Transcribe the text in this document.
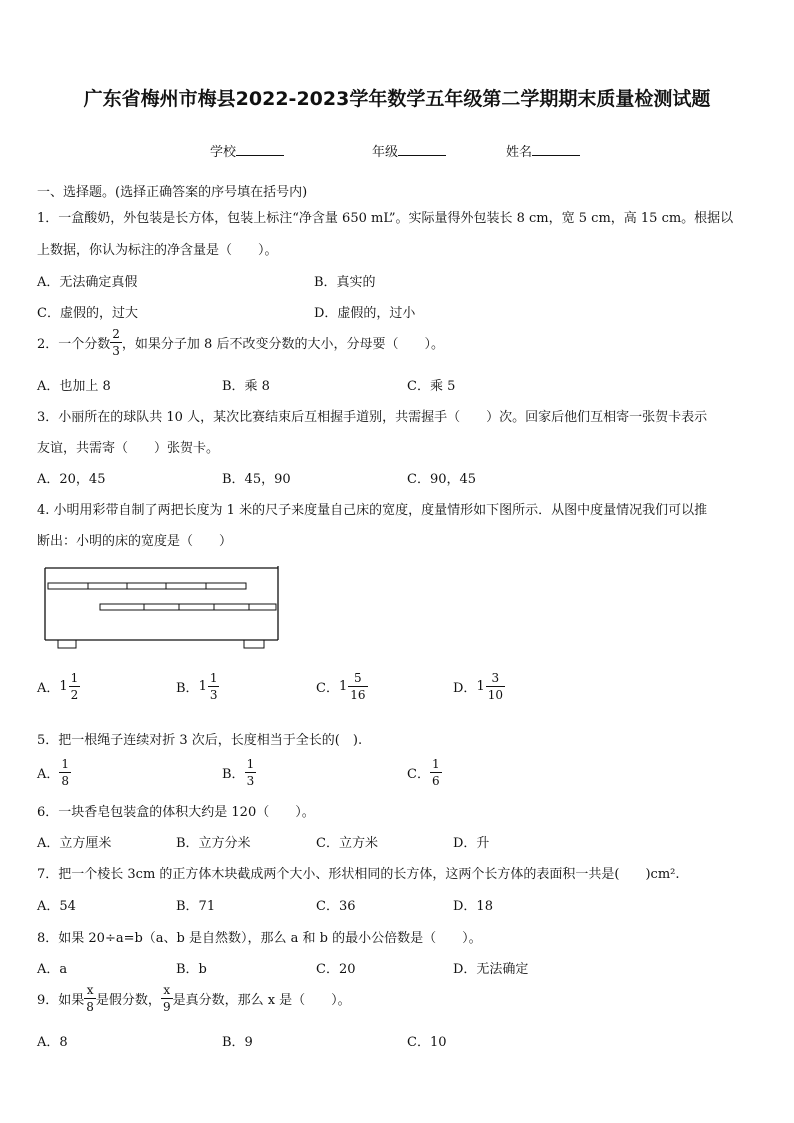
广东省梅州市梅县2022-2023学年数学五年级第二学期期末质量检测试题
学校	年级	姓名
一、选择题。(选择正确答案的序号填在括号内)
1．一盒酸奶，外包装是长方体，包装上标注“净含量 650 mL”。实际量得外包装长 8 cm，宽 5 cm，高 15 cm。根据以
上数据，你认为标注的净含量是（　　）。
A．无法确定真假	B．真实的
C．虚假的，过大	D．虚假的，过小
2．一个分数 $\frac{2}{3}$ ，如果分子加 8 后不改变分数的大小，分母要（　　）。
A．也加上 8	B．乘 8	C．乘 5
3．小丽所在的球队共 10 人，某次比赛结束后互相握手道别，共需握手（　　）次。回家后他们互相寄一张贺卡表示
友谊，共需寄（　　）张贺卡。
A．20，45	B．45，90	C．90，45
4. 小明用彩带自制了两把长度为 1 米的尺子来度量自己床的宽度，度量情形如下图所示．从图中度量情况我们可以推
断出：小明的床的宽度是（　　）
A． $1 \frac{1}{2}$	B． $1 \frac{1}{3}$	C． $1 \frac{5}{16}$	D． $1 \frac{3}{10}$
5．把一根绳子连续对折 3 次后，长度相当于全长的(　).
A． $\frac{1}{8}$	B． $\frac{1}{3}$	C． $\frac{1}{6}$
6．一块香皂包装盒的体积大约是 120（　　）。
A．立方厘米	B．立方分米	C．立方米	D．升
7．把一个棱长 3cm 的正方体木块截成两个大小、形状相同的长方体，这两个长方体的表面积一共是(　　)cm².
A．54	B．71	C．36	D．18
8．如果 20÷a=b（a、b 是自然数），那么 a 和 b 的最小公倍数是（　　）。
A．a	B．b	C．20	D．无法确定
9．如果 $\frac{x}{8}$ 是假分数， $\frac{x}{9}$ 是真分数，那么 x 是（　　）。
A．8	B．9	C．10
